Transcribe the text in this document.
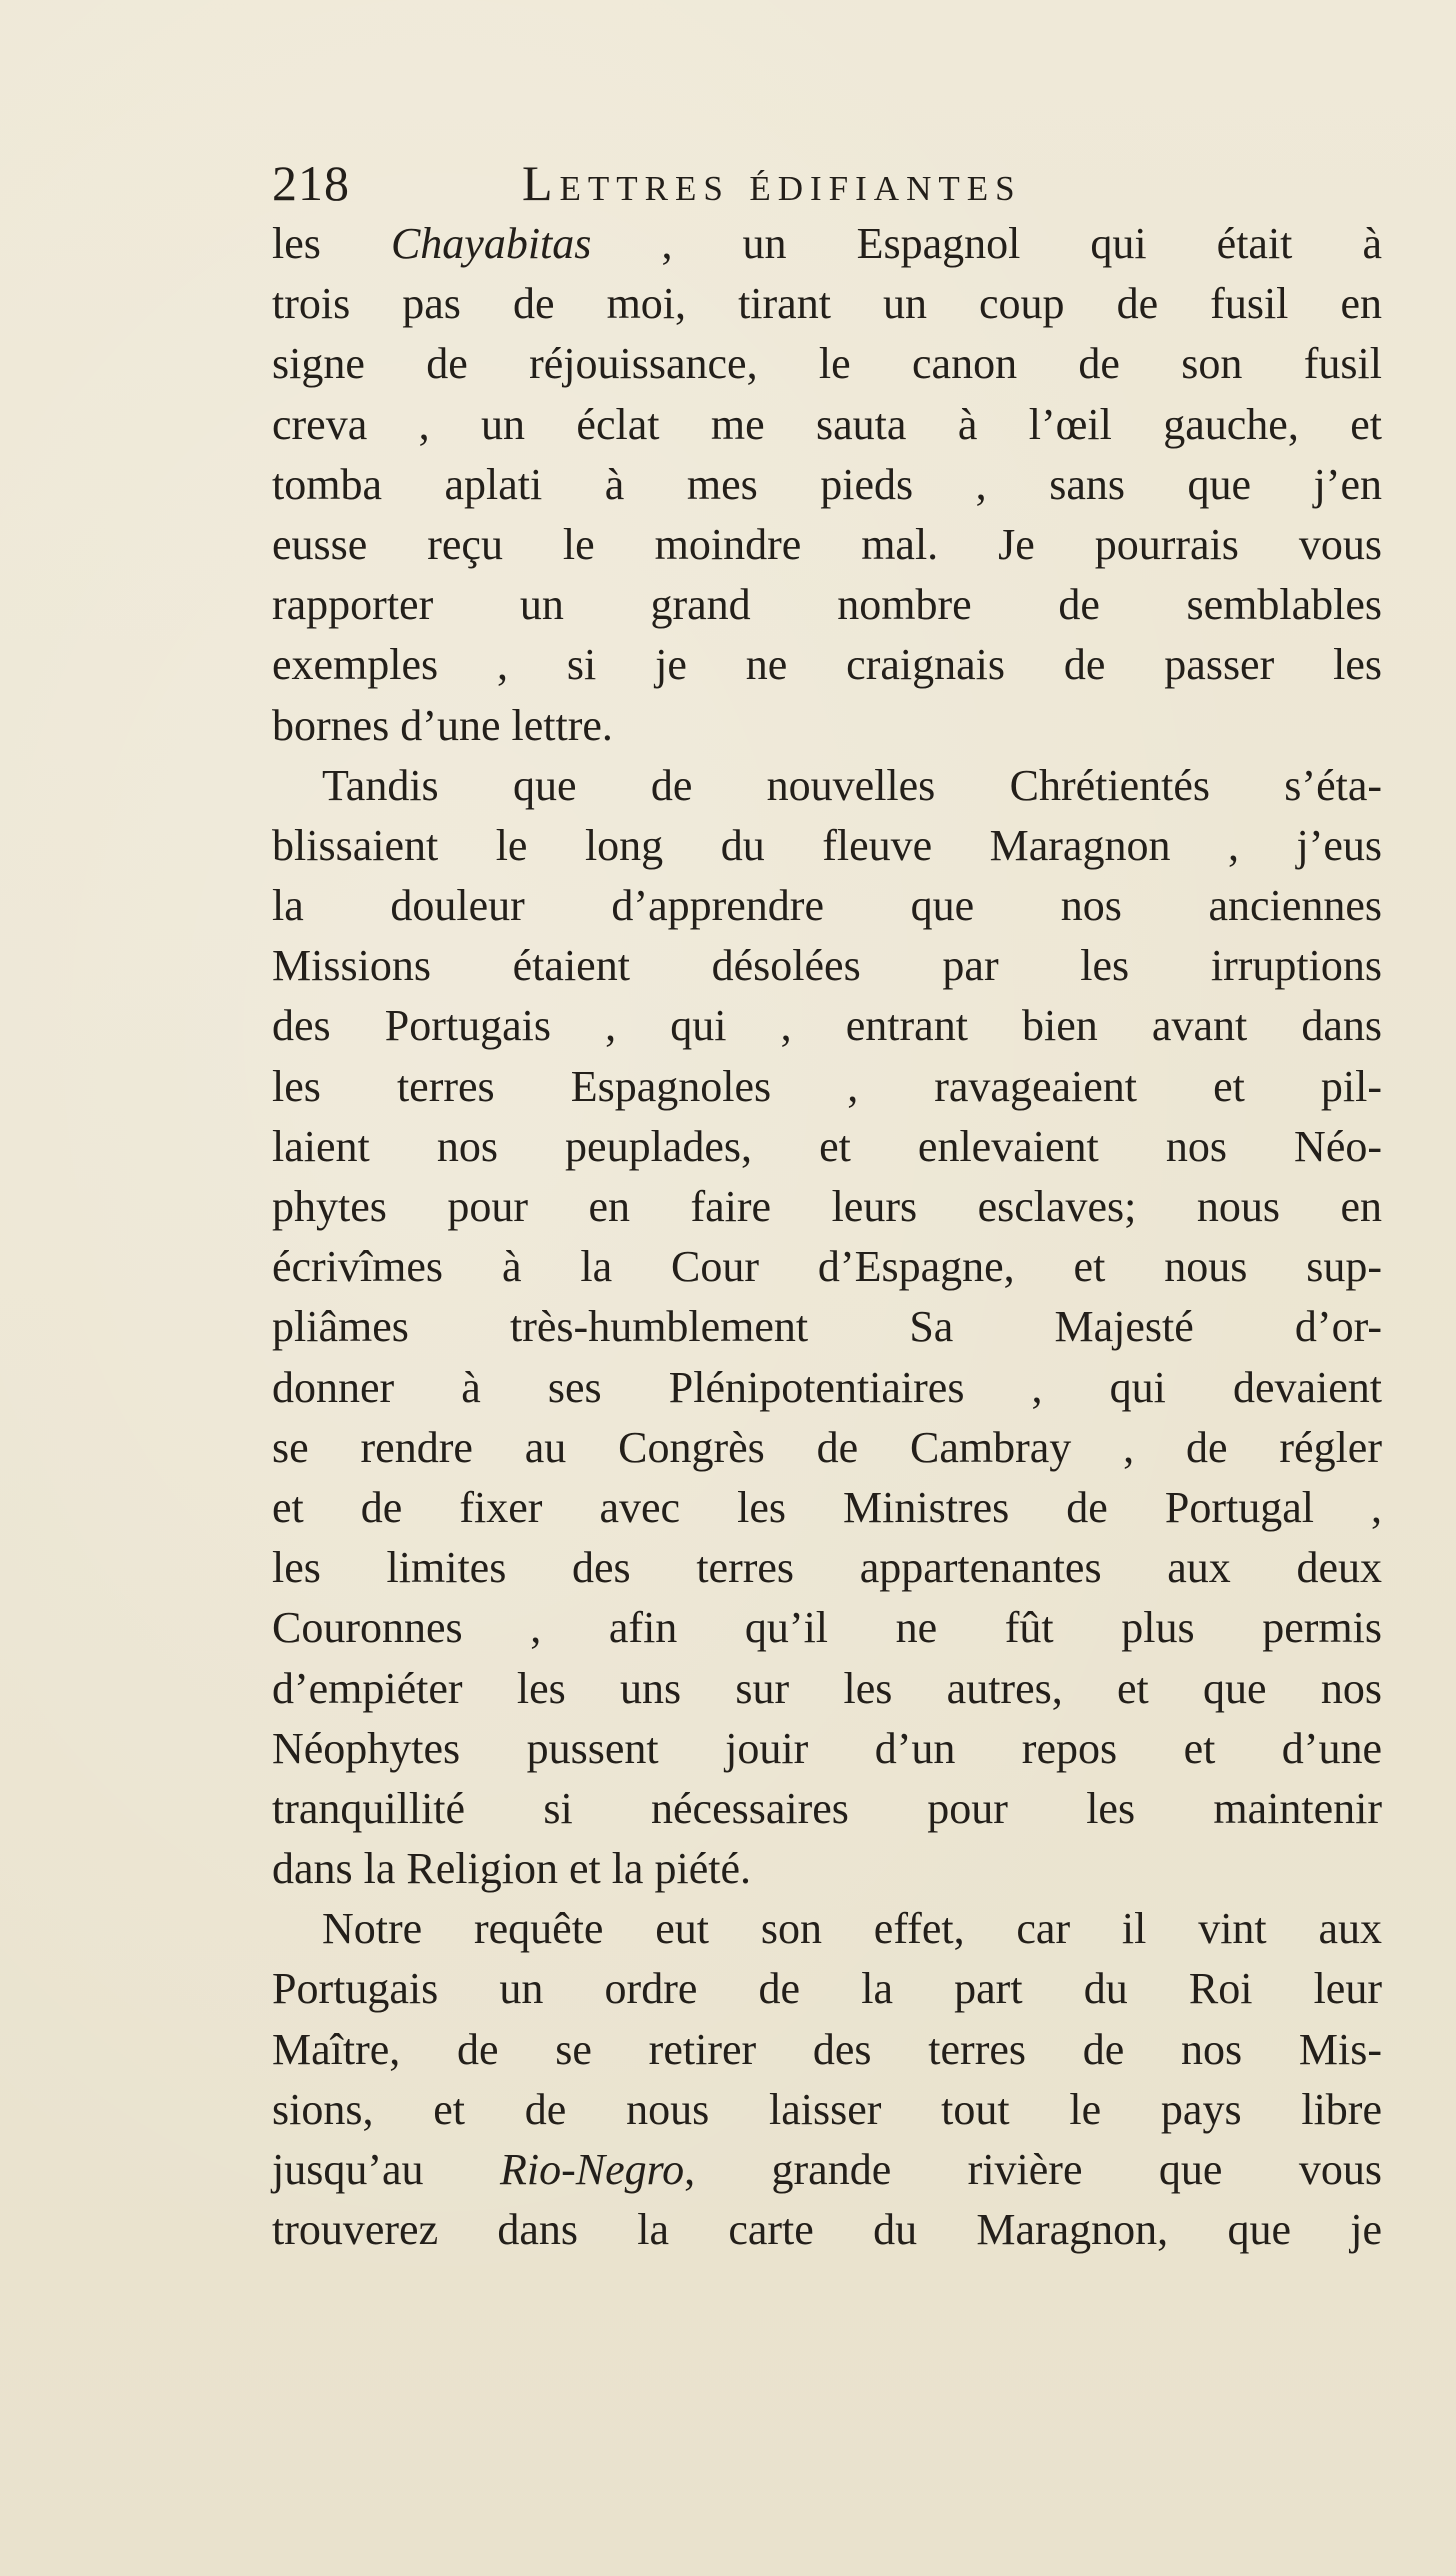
218	Lettres édifiantes
les Chayabitas , un Espagnol qui était à
trois pas de moi, tirant un coup de fusil en
signe de réjouissance, le canon de son fusil
creva , un éclat me sauta à l’œil gauche, et
tomba aplati à mes pieds , sans que j’en
eusse reçu le moindre mal. Je pourrais vous
rapporter un grand nombre de semblables
exemples , si je ne craignais de passer les
bornes d’une lettre.
Tandis que de nouvelles Chrétientés s’éta-
blissaient le long du fleuve Maragnon , j’eus
la douleur d’apprendre que nos anciennes
Missions étaient désolées par les irruptions
des Portugais , qui , entrant bien avant dans
les terres Espagnoles , ravageaient et pil-
laient nos peuplades, et enlevaient nos Néo-
phytes pour en faire leurs esclaves; nous en
écrivîmes à la Cour d’Espagne, et nous sup-
pliâmes très-humblement Sa Majesté d’or-
donner à ses Plénipotentiaires , qui devaient
se rendre au Congrès de Cambray , de régler
et de fixer avec les Ministres de Portugal ,
les limites des terres appartenantes aux deux
Couronnes , afin qu’il ne fût plus permis
d’empiéter les uns sur les autres, et que nos
Néophytes pussent jouir d’un repos et d’une
tranquillité si nécessaires pour les maintenir
dans la Religion et la piété.
Notre requête eut son effet, car il vint aux
Portugais un ordre de la part du Roi leur
Maître, de se retirer des terres de nos Mis-
sions, et de nous laisser tout le pays libre
jusqu’au Rio-Negro, grande rivière que vous
trouverez dans la carte du Maragnon, que je
